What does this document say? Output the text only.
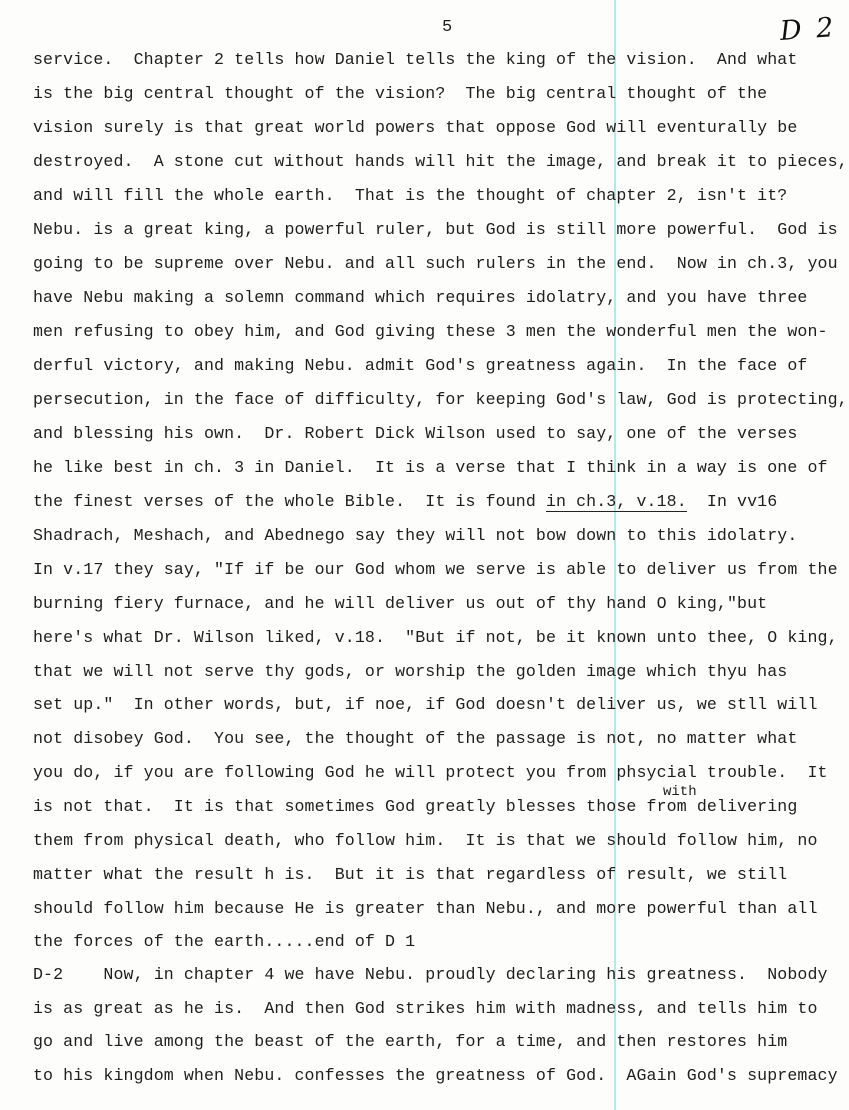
5	D 2
with
service.  Chapter 2 tells how Daniel tells the king of the vision.  And what
is the big central thought of the vision?  The big central thought of the
vision surely is that great world powers that oppose God will eventurally be
destroyed.  A stone cut without hands will hit the image, and break it to pieces,
and will fill the whole earth.  That is the thought of chapter 2, isn't it?
Nebu. is a great king, a powerful ruler, but God is still more powerful.  God is
going to be supreme over Nebu. and all such rulers in the end.  Now in ch.3, you
have Nebu making a solemn command which requires idolatry, and you have three
men refusing to obey him, and God giving these 3 men the wonderful men the won-
derful victory, and making Nebu. admit God's greatness again.  In the face of
persecution, in the face of difficulty, for keeping God's law, God is protecting,
and blessing his own.  Dr. Robert Dick Wilson used to say, one of the verses
he like best in ch. 3 in Daniel.  It is a verse that I think in a way is one of
the finest verses of the whole Bible.  It is found in ch.3, v.18.  In vv16
Shadrach, Meshach, and Abednego say they will not bow down to this idolatry.
In v.17 they say, "If if be our God whom we serve is able to deliver us from the
burning fiery furnace, and he will deliver us out of thy hand O king,"but
here's what Dr. Wilson liked, v.18.  "But if not, be it known unto thee, O king,
that we will not serve thy gods, or worship the golden image which thyu has
set up."  In other words, but, if noe, if God doesn't deliver us, we stll will
not disobey God.  You see, the thought of the passage is not, no matter what
you do, if you are following God he will protect you from phsycial trouble.  It
is not that.  It is that sometimes God greatly blesses those from delivering
them from physical death, who follow him.  It is that we should follow him, no
matter what the result h is.  But it is that regardless of result, we still
should follow him because He is greater than Nebu., and more powerful than all
the forces of the earth.....end of D 1
D-2    Now, in chapter 4 we have Nebu. proudly declaring his greatness.  Nobody
is as great as he is.  And then God strikes him with madness, and tells him to
go and live among the beast of the earth, for a time, and then restores him
to his kingdom when Nebu. confesses the greatness of God.  AGain God's supremacy
